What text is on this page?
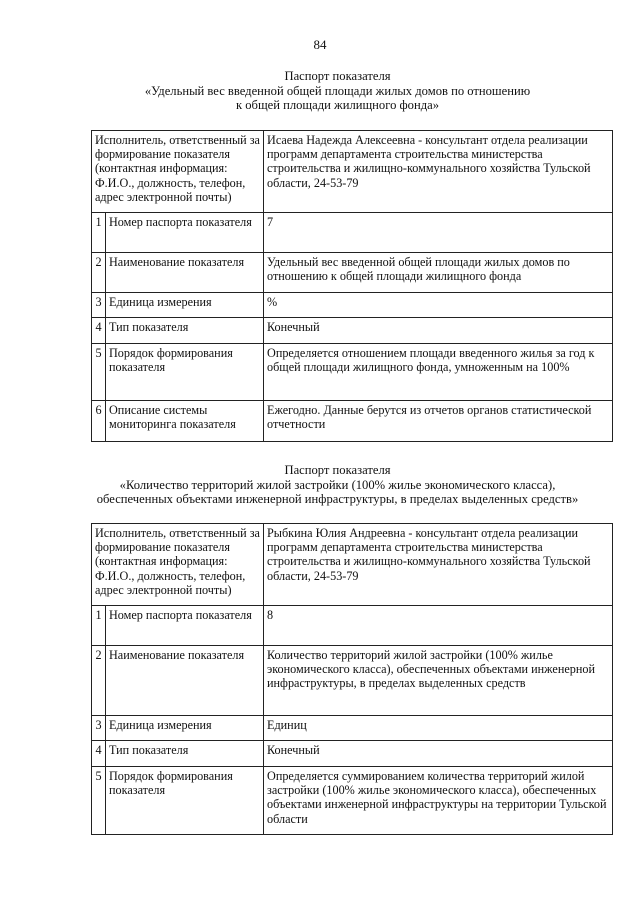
84
Паспорт показателя
«Удельный вес введенной общей площади жилых домов по отношению
к общей площади жилищного фонда»
Исполнитель, ответственный за формирование показателя (контактная информация: Ф.И.О., должность, телефон, адрес электронной почты)		Исаева Надежда Алексеевна - консультант отдела реализации программ департамента строительства министерства строительства и жилищно-коммунального хозяйства Тульской области, 24-53-79
1	Номер паспорта показателя	7
2	Наименование показателя	Удельный вес введенной общей площади жилых домов по отношению к общей площади жилищного фонда
3	Единица измерения	%
4	Тип показателя	Конечный
5	Порядок формирования показателя	Определяется отношением площади введенного жилья за год к общей площади жилищного фонда, умноженным на 100%
6	Описание системы мониторинга показателя	Ежегодно. Данные берутся из отчетов органов статистической отчетности
Паспорт показателя
«Количество территорий жилой застройки (100% жилье экономического класса),
обеспеченных объектами инженерной инфраструктуры, в пределах выделенных средств»
Исполнитель, ответственный за формирование показателя (контактная информация: Ф.И.О., должность, телефон, адрес электронной почты)		Рыбкина Юлия Андреевна - консультант отдела реализации программ департамента строительства министерства строительства и жилищно-коммунального хозяйства Тульской области, 24-53-79
1	Номер паспорта показателя	8
2	Наименование показателя	Количество территорий жилой застройки (100% жилье экономического класса), обеспеченных объектами инженерной инфраструктуры, в пределах выделенных средств
3	Единица измерения	Единиц
4	Тип показателя	Конечный
5	Порядок формирования показателя	Определяется суммированием количества территорий жилой застройки (100% жилье экономического класса), обеспеченных объектами инженерной инфраструктуры на территории Тульской области
